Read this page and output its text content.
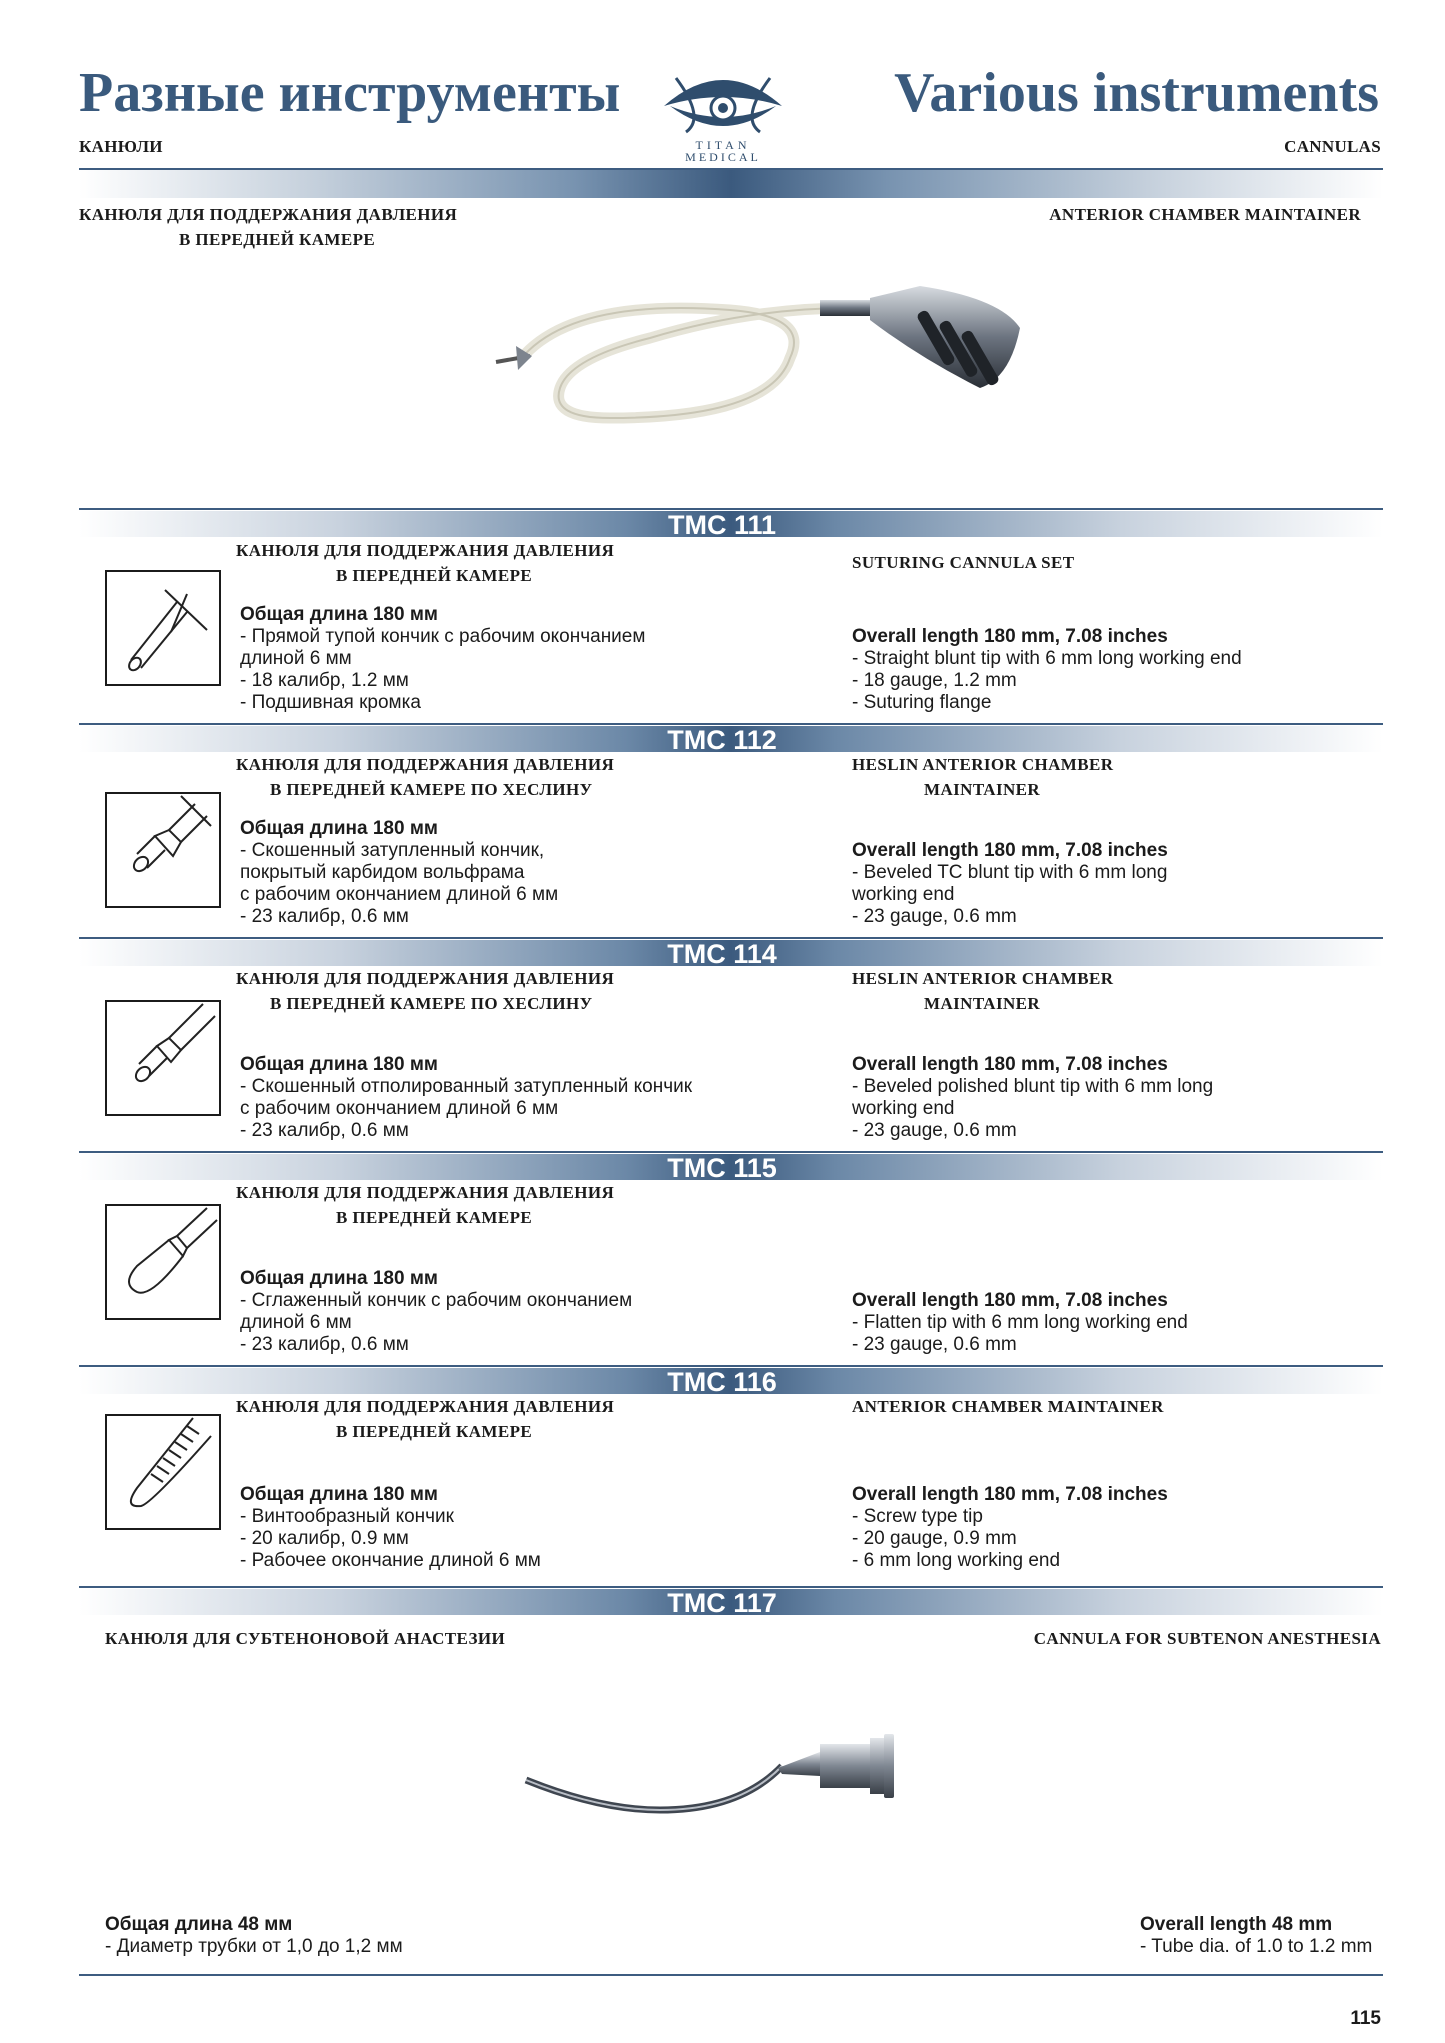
Разные инструменты	Various instruments
КАНЮЛИ	CANNULAS
TITAN
MEDICAL
КАНЮЛЯ ДЛЯ ПОДДЕРЖАНИЯ ДАВЛЕНИЯ
В ПЕРЕДНЕЙ КАМЕРЕ
ANTERIOR CHAMBER MAINTAINER
TMC 111
КАНЮЛЯ ДЛЯ ПОДДЕРЖАНИЯ ДАВЛЕНИЯ
В ПЕРЕДНЕЙ КАМЕРЕ
SUTURING CANNULA SET
Общая длина 180 мм
- Прямой тупой кончик с рабочим окончанием
длиной 6 мм
- 18 калибр, 1.2 мм
- Подшивная кромка
Overall length 180 mm, 7.08 inches
- Straight blunt tip with 6 mm long working end
- 18 gauge, 1.2 mm
- Suturing flange
TMC 112
КАНЮЛЯ ДЛЯ ПОДДЕРЖАНИЯ ДАВЛЕНИЯ
В ПЕРЕДНЕЙ КАМЕРЕ ПО ХЕСЛИНУ
HESLIN ANTERIOR CHAMBER
MAINTAINER
Общая длина 180 мм
- Скошенный затупленный кончик,
покрытый карбидом вольфрама
с рабочим окончанием длиной 6 мм
- 23 калибр, 0.6 мм
Overall length 180 mm, 7.08 inches
- Beveled TC blunt tip with 6 mm long
working end
- 23 gauge, 0.6 mm
TMC 114
КАНЮЛЯ ДЛЯ ПОДДЕРЖАНИЯ ДАВЛЕНИЯ
В ПЕРЕДНЕЙ КАМЕРЕ ПО ХЕСЛИНУ
HESLIN ANTERIOR CHAMBER
MAINTAINER
Общая длина 180 мм
- Скошенный отполированный затупленный кончик
с рабочим окончанием длиной 6 мм
- 23 калибр, 0.6 мм
Overall length 180 mm, 7.08 inches
- Beveled polished blunt tip with 6 mm long
working end
- 23 gauge, 0.6 mm
TMC 115
КАНЮЛЯ ДЛЯ ПОДДЕРЖАНИЯ ДАВЛЕНИЯ
В ПЕРЕДНЕЙ КАМЕРЕ
Общая длина 180 мм
- Сглаженный кончик с рабочим окончанием
длиной 6 мм
- 23 калибр, 0.6 мм
Overall length 180 mm, 7.08 inches
- Flatten tip with 6 mm long working end
- 23 gauge, 0.6 mm
TMC 116
КАНЮЛЯ ДЛЯ ПОДДЕРЖАНИЯ ДАВЛЕНИЯ
В ПЕРЕДНЕЙ КАМЕРЕ
ANTERIOR CHAMBER MAINTAINER
Общая длина 180 мм
- Винтообразный кончик
- 20 калибр, 0.9 мм
- Рабочее окончание длиной 6 мм
Overall length 180 mm, 7.08 inches
- Screw type tip
- 20 gauge, 0.9 mm
- 6 mm long working end
TMC 117
КАНЮЛЯ ДЛЯ СУБТЕНОНОВОЙ АНАСТЕЗИИ	CANNULA FOR SUBTENON ANESTHESIA
Общая длина 48 мм
- Диаметр трубки от 1,0 до 1,2 мм
Overall length 48 mm
- Tube dia. of 1.0 to 1.2 mm
115
